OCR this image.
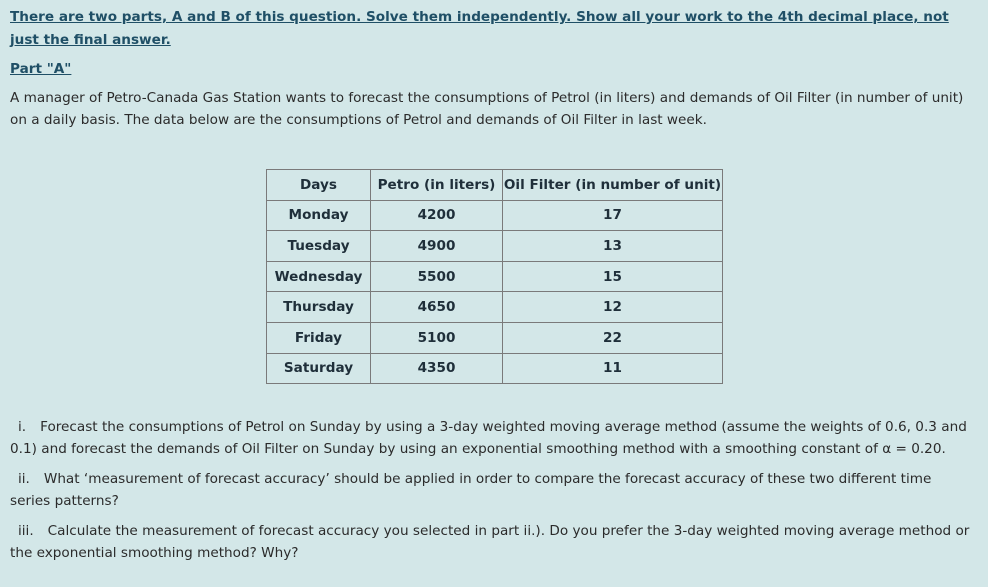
There are two parts, A and B of this question. Solve them independently. Show all your work to the 4th decimal place, not just the final answer.

Part "A"
A manager of Petro-Canada Gas Station wants to forecast the consumptions of Petrol (in liters) and demands of Oil Filter (in number of unit) on a daily basis. The data below are the consumptions of Petrol and demands of Oil Filter in last week.
Days	Petro (in liters)	Oil Filter (in number of unit)
Monday	4200	17
Tuesday	4900	13
Wednesday	5500	15
Thursday	4650	12
Friday	5100	22
Saturday	4350	11
i. Forecast the consumptions of Petrol on Sunday by using a 3-day weighted moving average method (assume the weights of 0.6, 0.3 and 0.1) and forecast the demands of Oil Filter on Sunday by using an exponential smoothing method with a smoothing constant of α = 0.20.
ii. What ‘measurement of forecast accuracy’ should be applied in order to compare the forecast accuracy of these two different time series patterns?
iii. Calculate the measurement of forecast accuracy you selected in part ii.). Do you prefer the 3-day weighted moving average method or the exponential smoothing method? Why?
